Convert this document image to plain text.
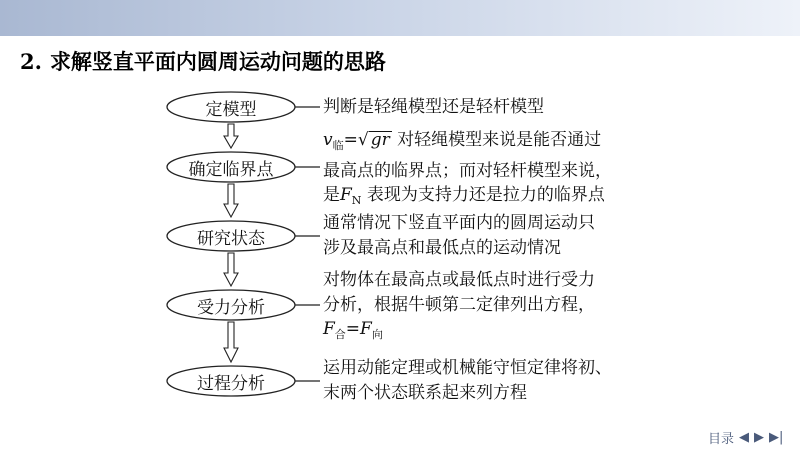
2. 求解竖直平面内圆周运动问题的思路
定模型
确定临界点
研究状态
受力分析
过程分析
判断是轻绳模型还是轻杆模型
$v_临=√$ gr 对轻绳模型来说是能否通过
最高点的临界点；而对轻杆模型来说，
是$F_N$ 表现为支持力还是拉力的临界点
通常情况下竖直平面内的圆周运动只
涉及最高点和最低点的运动情况
对物体在最高点或最低点时进行受力
分析，根据牛顿第二定律列出方程，
$F_合=F_向$
运用动能定理或机械能守恒定律将初、
末两个状态联系起来列方程
目录 ◀ ▶ ▶|
